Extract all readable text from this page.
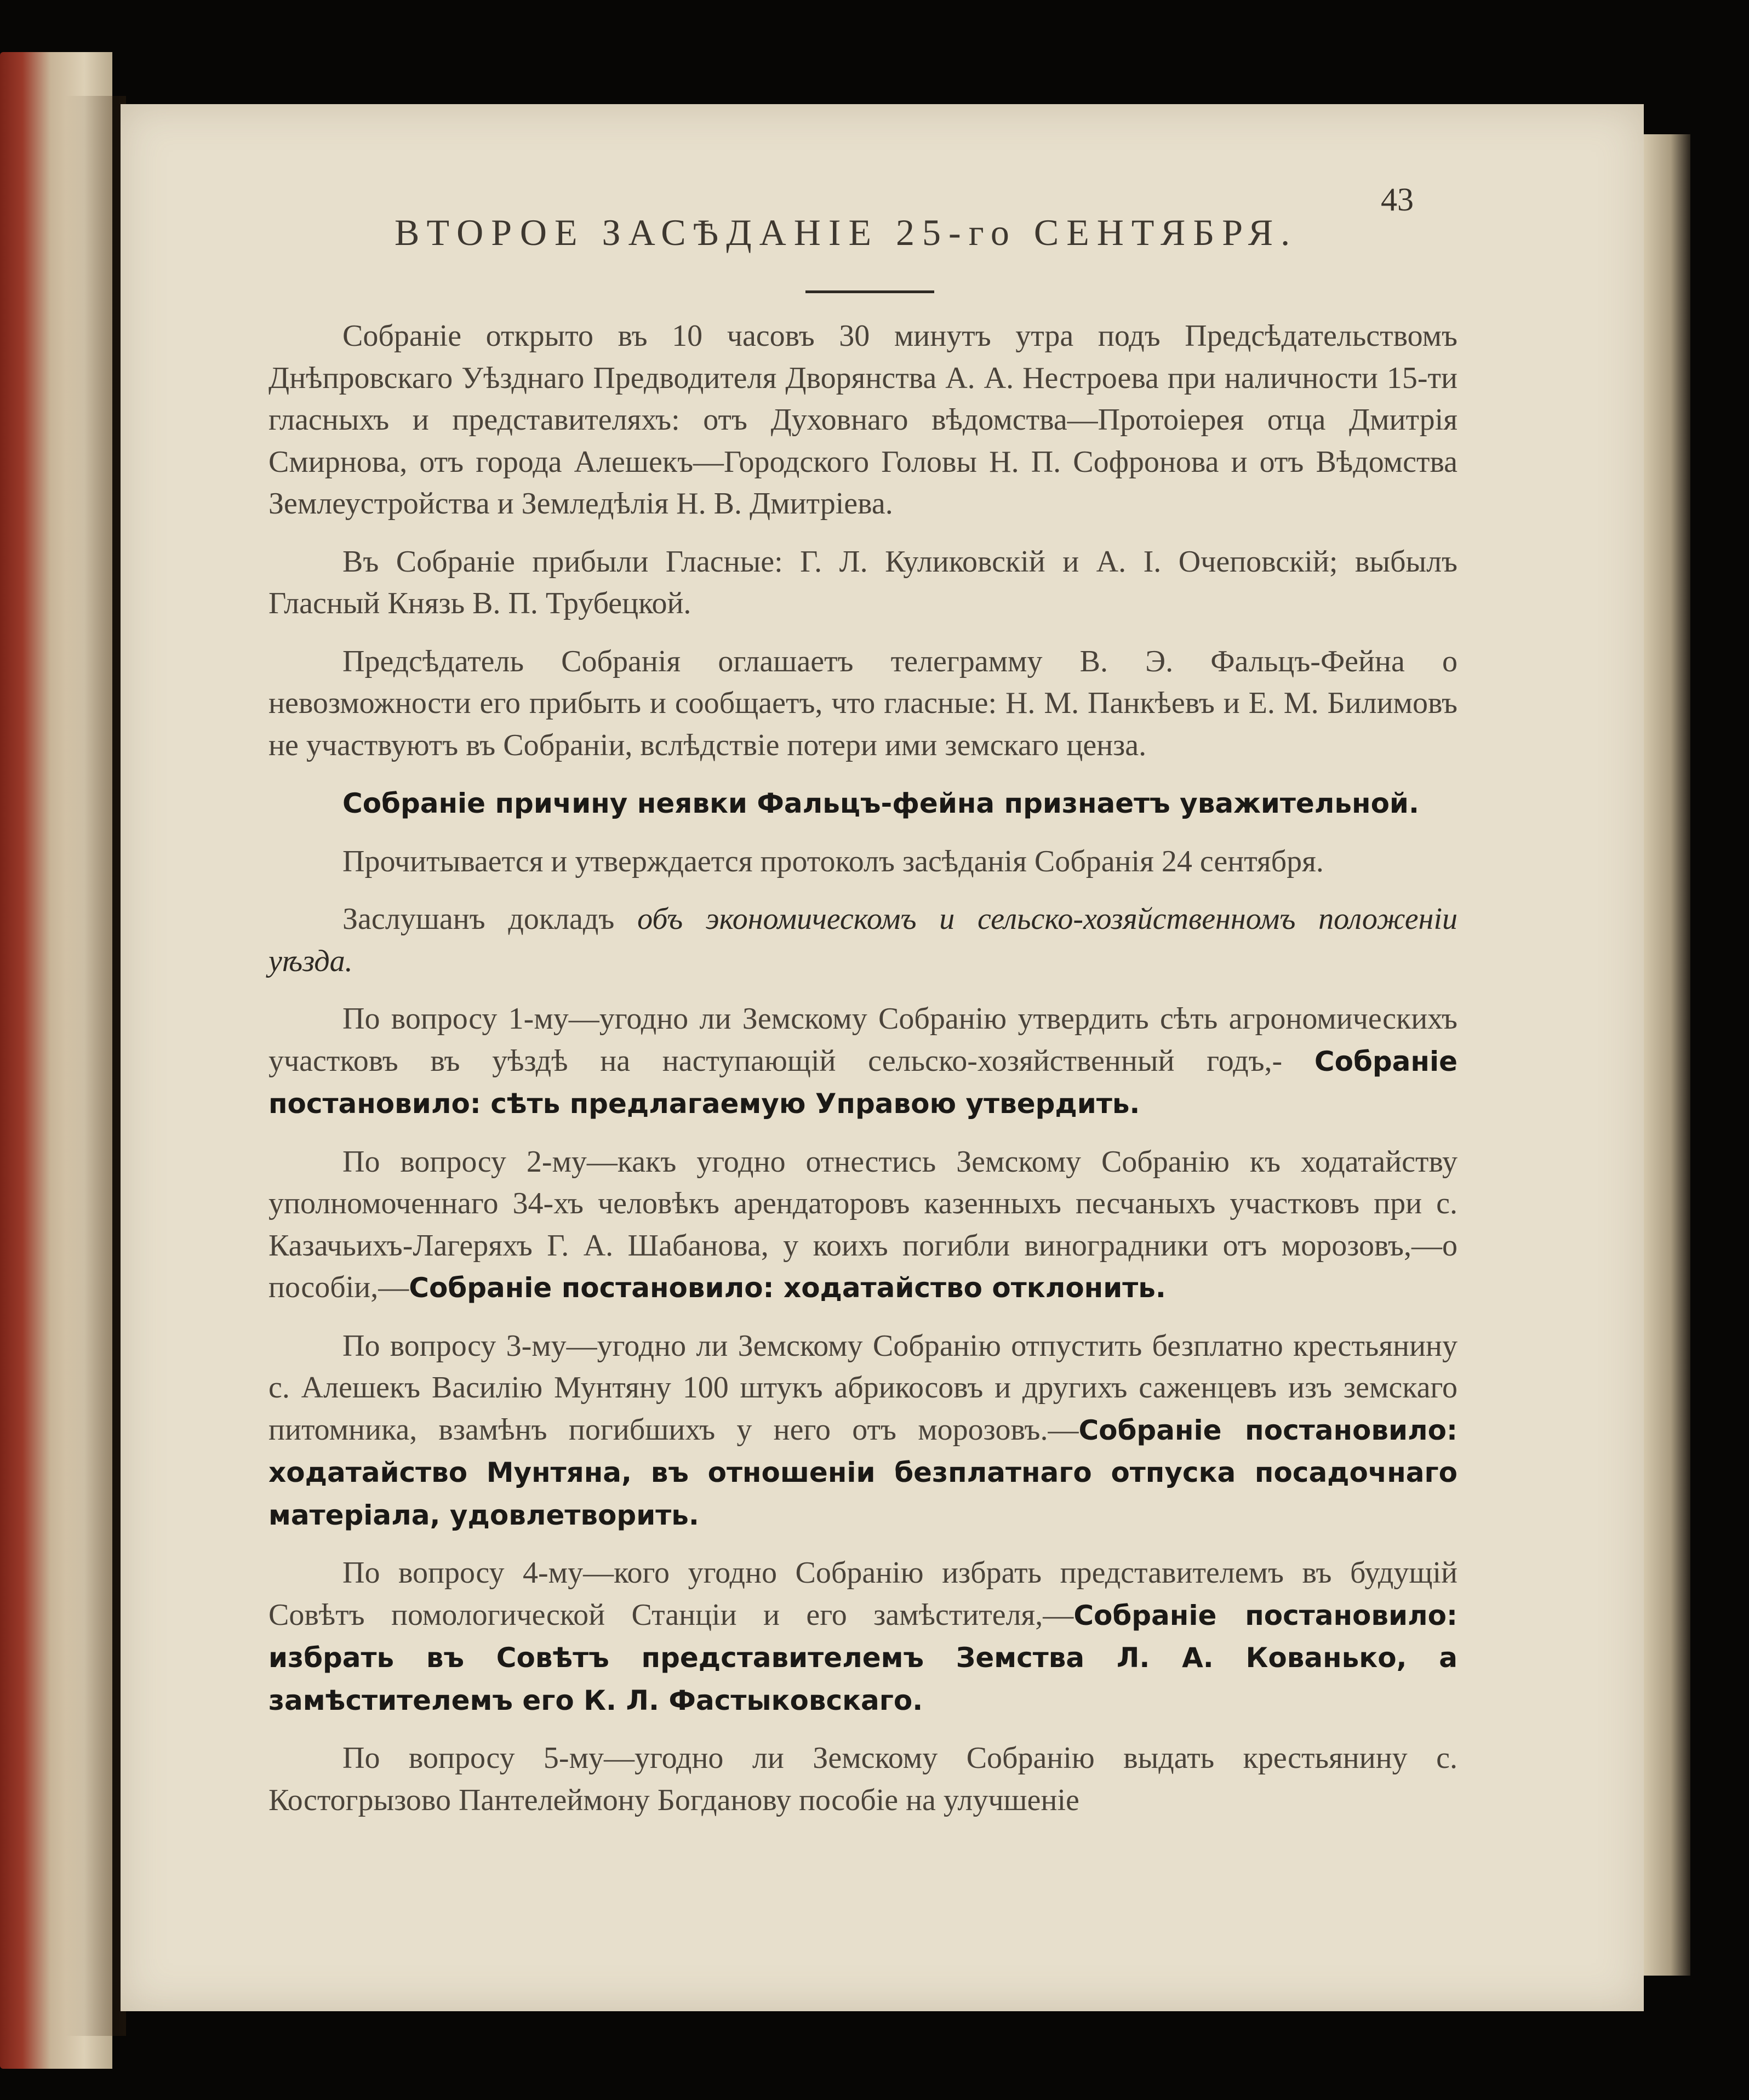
43
ВТОРОЕ ЗАСѢДАНІЕ 25-го СЕНТЯБРЯ.

Собраніе открыто въ 10 часовъ 30 минутъ утра подъ Предсѣдательствомъ Днѣпровскаго Уѣзднаго Предводителя Дворянства А. А. Нестроева при наличности 15-ти гласныхъ и представителяхъ: отъ Духовнаго вѣдомства—Протоіерея отца Дмитрія Смирнова, отъ города Алешекъ—Городского Головы Н. П. Софронова и отъ Вѣдомства Землеустройства и Земледѣлія Н. В. Дмитріева.

Въ Собраніе прибыли Гласные: Г. Л. Куликовскій и А. І. Очеповскій; выбылъ Гласный Князь В. П. Трубецкой.

Предсѣдатель Собранія оглашаетъ телеграмму В. Э. Фальцъ-Фейна о невозможности его прибыть и сообщаетъ, что гласные: Н. М. Панкѣевъ и Е. М. Билимовъ не участвуютъ въ Собраніи, вслѣдствіе потери ими земскаго ценза.

Собраніе причину неявки Фальцъ-фейна признаетъ уважительной.

Прочитывается и утверждается протоколъ засѣданія Собранія 24 сентября.

Заслушанъ докладъ объ экономическомъ и сельско-хозяйственномъ положеніи уѣзда.

По вопросу 1-му—угодно ли Земскому Собранію утвердить сѣть агрономическихъ участковъ въ уѣздѣ на наступающій сельско-хозяйственный годъ,- Собраніе постановило: сѣть предлагаемую Управою утвердить.

По вопросу 2-му—какъ угодно отнестись Земскому Собранію къ ходатайству уполномоченнаго 34-хъ человѣкъ арендаторовъ казенныхъ песчаныхъ участковъ при с. Казачьихъ-Лагеряхъ Г. А. Шабанова, у коихъ погибли виноградники отъ морозовъ,—о пособіи,—Собраніе постановило: ходатайство отклонить.

По вопросу 3-му—угодно ли Земскому Собранію отпустить безплатно крестьянину с. Алешекъ Василію Мунтяну 100 штукъ абрикосовъ и другихъ саженцевъ изъ земскаго питомника, взамѣнъ погибшихъ у него отъ морозовъ.—Собраніе постановило: ходатайство Мунтяна, въ отношеніи безплатнаго отпуска посадочнаго матеріала, удовлетворить.

По вопросу 4-му—кого угодно Собранію избрать представителемъ въ будущій Совѣтъ помологической Станціи и его замѣстителя,—Собраніе постановило: избрать въ Совѣтъ представителемъ Земства Л. А. Кованько, а замѣстителемъ его К. Л. Фастыковскаго.

По вопросу 5-му—угодно ли Земскому Собранію выдать крестьянину с. Костогрызово Пантелеймону Богданову пособіе на улучшеніе
